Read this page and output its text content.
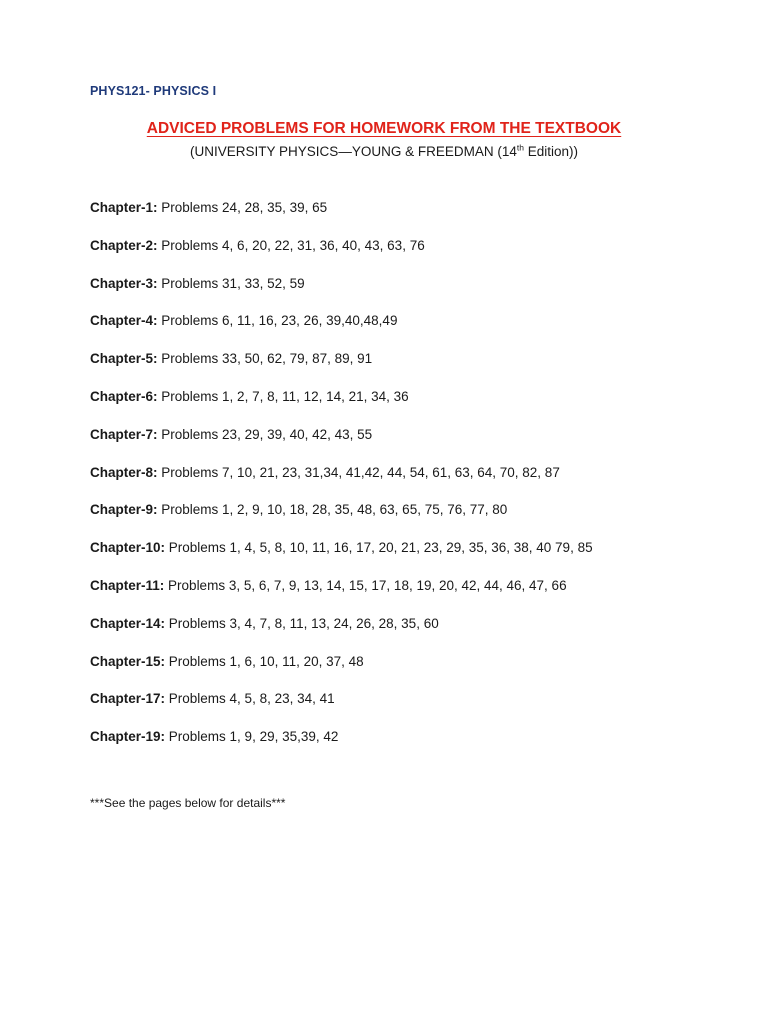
PHYS121- PHYSICS I
ADVICED PROBLEMS FOR HOMEWORK FROM THE TEXTBOOK
(UNIVERSITY PHYSICS—YOUNG & FREEDMAN (14th Edition))
Chapter-1: Problems 24, 28, 35, 39, 65
Chapter-2: Problems 4, 6, 20, 22, 31, 36, 40, 43, 63, 76
Chapter-3: Problems 31, 33, 52, 59
Chapter-4: Problems 6, 11, 16, 23, 26, 39,40,48,49
Chapter-5: Problems 33, 50, 62, 79, 87, 89, 91
Chapter-6: Problems 1, 2, 7, 8, 11, 12, 14, 21, 34, 36
Chapter-7: Problems 23, 29, 39, 40, 42, 43, 55
Chapter-8: Problems 7, 10, 21, 23, 31,34, 41,42, 44, 54, 61, 63, 64, 70, 82, 87
Chapter-9: Problems 1, 2, 9, 10, 18, 28, 35, 48, 63, 65, 75, 76, 77, 80
Chapter-10: Problems 1, 4, 5, 8, 10, 11, 16, 17, 20, 21, 23, 29, 35, 36, 38, 40 79, 85
Chapter-11: Problems 3, 5, 6, 7, 9, 13, 14, 15, 17, 18, 19, 20, 42, 44, 46, 47, 66
Chapter-14: Problems 3, 4, 7, 8, 11, 13, 24, 26, 28, 35, 60
Chapter-15: Problems 1, 6, 10, 11, 20, 37, 48
Chapter-17: Problems 4, 5, 8, 23, 34, 41
Chapter-19: Problems 1, 9, 29, 35,39, 42
***See the pages below for details***
